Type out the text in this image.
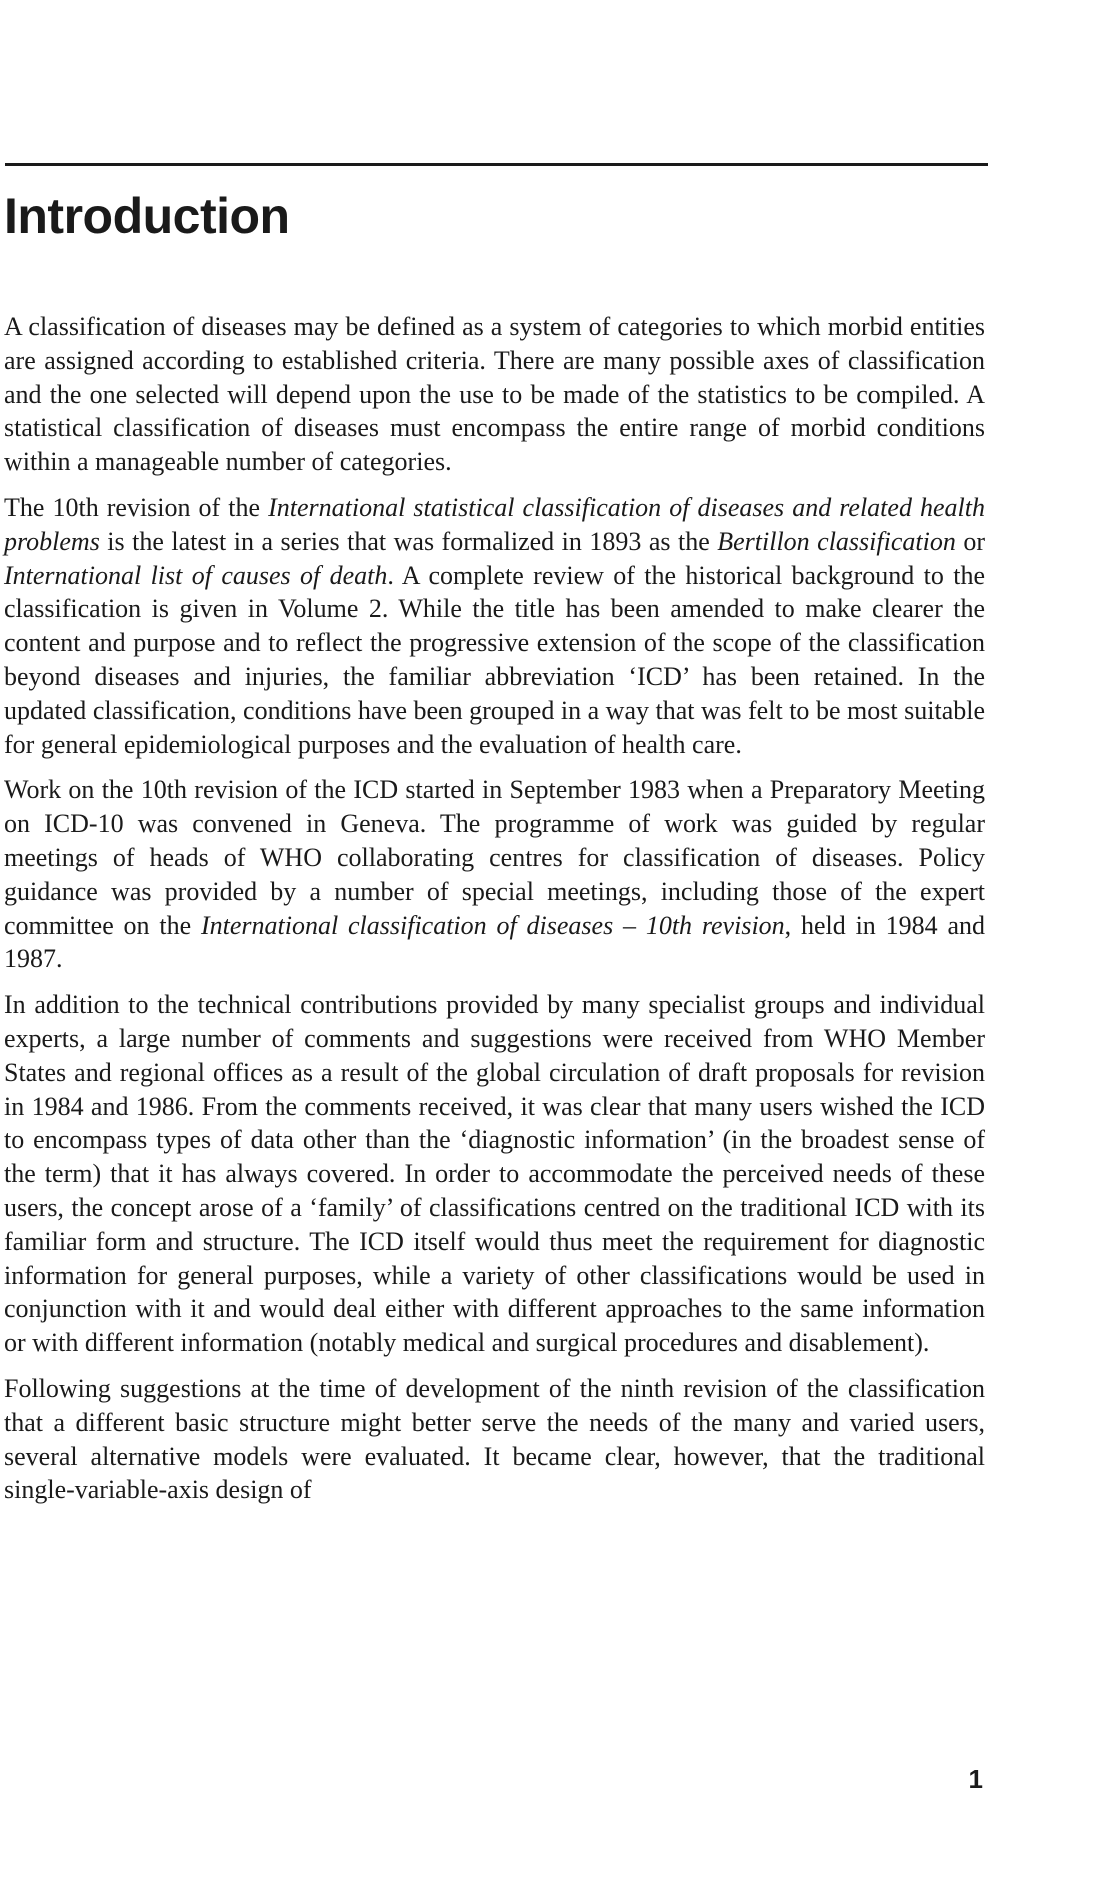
Introduction

A classification of diseases may be defined as a system of categories to which morbid entities are assigned according to established criteria. There are many possible axes of classification and the one selected will depend upon the use to be made of the statistics to be compiled. A statistical classification of diseases must encompass the entire range of morbid conditions within a manageable number of categories.

The 10th revision of the International statistical classification of diseases and related health problems is the latest in a series that was formalized in 1893 as the Bertillon classification or International list of causes of death. A complete review of the historical background to the classification is given in Volume 2. While the title has been amended to make clearer the content and purpose and to reflect the progressive extension of the scope of the classification beyond diseases and injuries, the familiar abbreviation ‘ICD’ has been retained. In the updated classification, conditions have been grouped in a way that was felt to be most suitable for general epidemiological purposes and the evaluation of health care.

Work on the 10th revision of the ICD started in September 1983 when a Preparatory Meeting on ICD-10 was convened in Geneva. The programme of work was guided by regular meetings of heads of WHO collaborating centres for classification of diseases. Policy guidance was provided by a number of special meetings, including those of the expert committee on the International classification of diseases – 10th revision, held in 1984 and 1987.

In addition to the technical contributions provided by many specialist groups and individual experts, a large number of comments and suggestions were received from WHO Member States and regional offices as a result of the global circulation of draft proposals for revision in 1984 and 1986. From the comments received, it was clear that many users wished the ICD to encompass types of data other than the ‘diagnostic information’ (in the broadest sense of the term) that it has always covered. In order to accommodate the perceived needs of these users, the concept arose of a ‘family’ of classifications centred on the traditional ICD with its familiar form and structure. The ICD itself would thus meet the requirement for diagnostic information for general purposes, while a variety of other classifications would be used in conjunction with it and would deal either with different approaches to the same information or with different information (notably medical and surgical procedures and disablement).

Following suggestions at the time of development of the ninth revision of the classification that a different basic structure might better serve the needs of the many and varied users, several alternative models were evaluated. It became clear, however, that the traditional single-variable-axis design of

1
